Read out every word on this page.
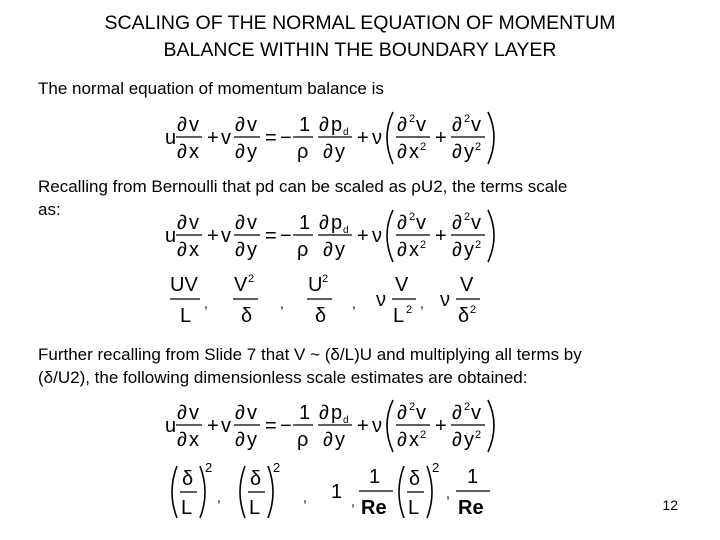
SCALING OF THE NORMAL EQUATION OF MOMENTUM
BALANCE WITHIN THE BOUNDARY LAYER
The normal equation of momentum balance is
u
∂ v
∂ x
+ v
∂ v
∂ y
= −
1
ρ
∂ p d
∂ y
+ ν
∂ 2 v
∂ x 2 +
∂ 2 v
∂ y 2
Recalling from Bernoulli that pd can be scaled as ρU2, the terms scale
as:
u
∂ v
∂ x
+ v
∂ v
∂ y
= −
1
ρ
∂ p d
∂ y
+ ν
∂ 2 v
∂ x 2 +
∂ 2 v
∂ y 2
UV
L
,
V 2
δ
,
U 2
δ
, ν
V
L 2 , ν
V
δ 2
Further recalling from Slide 7 that V ~ (δ/L)U and multiplying all terms by
(δ/U2), the following dimensionless scale estimates are obtained:
u
∂ v
∂ x
+ v
∂ v
∂ y
= −
1
ρ
∂ p d
∂ y
+ ν
∂ 2 v
∂ x 2 +
∂ 2 v
∂ y 2
δ
L
2
,
δ
L
2
, 1 ,
1
Re
δ
L
2
,
1
Re	12
